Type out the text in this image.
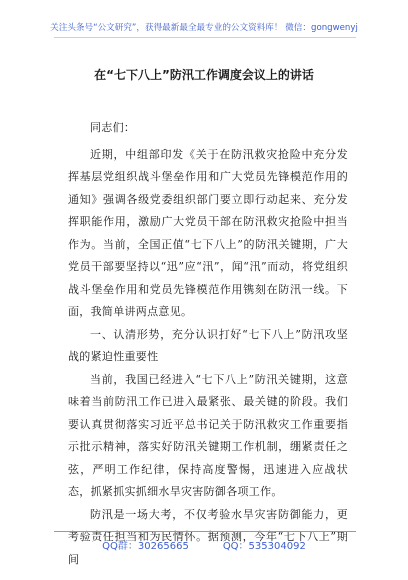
关注头条号“公文研究”，获得最新最全最专业的公文资料库！ 微信：gongwenyj
在“七下八上”防汛工作调度会议上的讲话

同志们：

近期，中组部印发《关于在防汛救灾抢险中充分发挥基层党组织战斗堡垒作用和广大党员先锋模范作用的通知》强调各级党委组织部门要立即行动起来、充分发挥职能作用，激励广大党员干部在防汛救灾抢险中担当作为。当前，全国正值“七下八上”的防汛关键期，广大党员干部要坚持以“迅”应“汛”，闻“汛”而动，将党组织战斗堡垒作用和党员先锋模范作用镌刻在防汛一线。下面，我简单讲两点意见。

一、认清形势，充分认识打好“七下八上”防汛攻坚战的紧迫性重要性

当前，我国已经进入“七下八上”防汛关键期，这意味着当前防汛工作已进入最紧张、最关键的阶段。我们要认真贯彻落实习近平总书记关于防汛救灾工作重要指示批示精神，落实好防汛关键期工作机制，绷紧责任之弦，严明工作纪律，保持高度警惕，迅速进入应战状态，抓紧抓实抓细水旱灾害防御各项工作。

防汛是一场大考，不仅考验水旱灾害防御能力，更考验责任担当和为民情怀。据预测，今年“七下八上”期间

QQ群：30265665	QQ：535304092
